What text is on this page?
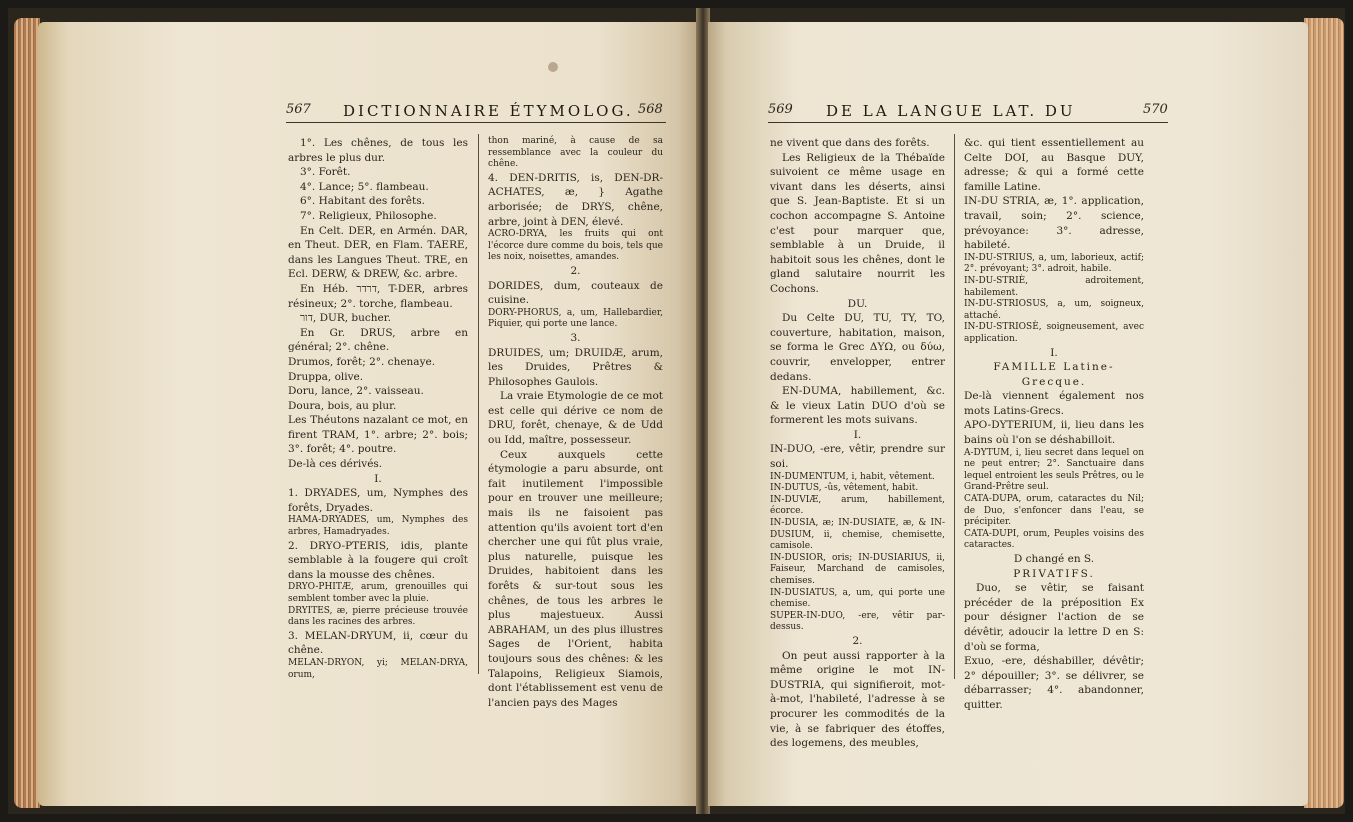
567 DICTIONNAIRE ÉTYMOLOG. 568

1°. Les chênes, de tous les arbres le plus dur.

3°. Forêt.

4°. Lance; 5°. flambeau.

6°. Habitant des forêts.

7°. Religieux, Philosophe.

En Celt. DER, en Armén. DAR, en Theut. DER, en Flam. TAERE, dans les Langues Theut. TRE, en Ecl. DERW, & DREW, &c. arbre.

En Héb. ‏דרדר‎, T-DER, arbres résineux; 2°. torche, flambeau.

‏דור‎, DUR, bucher.

En Gr. DRUS, arbre en général; 2°. chêne.

Drumos, forêt; 2°. chenaye.

Druppa, olive.

Doru, lance, 2°. vaisseau.

Doura, bois, au plur.

Les Théutons nazalant ce mot, en firent TRAM, 1°. arbre; 2°. bois; 3°. forêt; 4°. poutre.

De-là ces dérivés.

I.

1. DRYADES, um, Nymphes des forêts, Dryades.

HAMA-DRYADES, um, Nymphes des arbres, Hamadryades.

2. DRYO-PTERIS, idis, plante semblable à la fougere qui croît dans la mousse des chênes.

DRYO-PHITÆ, arum, grenouilles qui semblent tomber avec la pluie.

DRYITES, æ, pierre précieuse trouvée dans les racines des arbres.

3. MELAN-DRYUM, ii, cœur du chêne.

MELAN-DRYON, yi; MELAN-DRYA, orum,

thon mariné, à cause de sa ressemblance avec la couleur du chêne.

4. DEN-DRITIS, is, DEN-DR-ACHATES, æ, } Agathe arborisée; de DRYS, chêne, arbre, joint à DEN, élevé.

ACRO-DRYA, les fruits qui ont l'écorce dure comme du bois, tels que les noix, noisettes, amandes.

2.

DORIDES, dum, couteaux de cuisine.

DORY-PHORUS, a, um, Hallebardier, Piquier, qui porte une lance.

3.

DRUIDES, um; DRUIDÆ, arum, les Druides, Prêtres & Philosophes Gaulois.

La vraie Etymologie de ce mot est celle qui dérive ce nom de DRU, forêt, chenaye, & de Udd ou Idd, maître, possesseur.

Ceux auxquels cette étymologie a paru absurde, ont fait inutilement l'impossible pour en trouver une meilleure; mais ils ne faisoient pas attention qu'ils avoient tort d'en chercher une qui fût plus vraie, plus naturelle, puisque les Druides, habitoient dans les forêts & sur-tout sous les chênes, de tous les arbres le plus majestueux. Aussi ABRAHAM, un des plus illustres Sages de l'Orient, habita toujours sous des chênes: & les Talapoins, Religieux Siamois, dont l'établissement est venu de l'ancien pays des Mages

569 DE LA LANGUE LAT. DU	570

ne vivent que dans des forêts.

Les Religieux de la Thébaïde suivoient ce même usage en vivant dans les déserts, ainsi que S. Jean-Baptiste. Et si un cochon accompagne S. Antoine c'est pour marquer que, semblable à un Druide, il habitoit sous les chênes, dont le gland salutaire nourrit les Cochons.

DU.

Du Celte DU, TU, TY, TO, couverture, habitation, maison, se forma le Grec ΔΥΩ, ou δύω, couvrir, envelopper, entrer dedans.

EN-DUMA, habillement, &c. & le vieux Latin DUO d'où se formerent les mots suivans.

I.

IN-DUO, -ere, vêtir, prendre sur soi.

IN-DUMENTUM, i, habit, vêtement.

IN-DUTUS, -ûs, vêtement, habit.

IN-DUVIÆ, arum, habillement, écorce.

IN-DUSIA, æ; IN-DUSIATE, æ, & IN-DUSIUM, ii, chemise, chemisette, camisole.

IN-DUSIOR, oris; IN-DUSIARIUS, ii, Faiseur, Marchand de camisoles, chemises.

IN-DUSIATUS, a, um, qui porte une chemise.

SUPER-IN-DUO, -ere, vêtir par-dessus.

2.

On peut aussi rapporter à la même origine le mot IN-DUSTRIA, qui signifieroit, mot-à-mot, l'habileté, l'adresse à se procurer les commodités de la vie, à se fabriquer des étoffes, des logemens, des meubles,

&c. qui tient essentiellement au Celte DOI, au Basque DUY, adresse; & qui a formé cette famille Latine.

IN-DU STRIA, æ, 1°. application, travail, soin; 2°. science, prévoyance: 3°. adresse, habileté.

IN-DU-STRIUS, a, um, laborieux, actif; 2°. prévoyant; 3°. adroit, habile.

IN-DU-STRIÈ, adroitement, habilement.

IN-DU-STRIOSUS, a, um, soigneux, attaché.

IN-DU-STRIOSÈ, soigneusement, avec application.

I.

FAMILLE Latine-Grecque.

De-là viennent également nos mots Latins-Grecs.

APO-DYTERIUM, ii, lieu dans les bains où l'on se déshabilloit.

A-DYTUM, i, lieu secret dans lequel on ne peut entrer; 2°. Sanctuaire dans lequel entroient les seuls Prêtres, ou le Grand-Prêtre seul.

CATA-DUPA, orum, cataractes du Nil; de Duo, s'enfoncer dans l'eau, se précipiter.

CATA-DUPI, orum, Peuples voisins des cataractes.

D changé en S.

PRIVATIFS.

Duo, se vêtir, se faisant précéder de la préposition Ex pour désigner l'action de se dévêtir, adoucir la lettre D en S: d'où se forma,

Exuo, -ere, déshabiller, dévêtir; 2° dépouiller; 3°. se délivrer, se débarrasser; 4°. abandonner, quitter.
